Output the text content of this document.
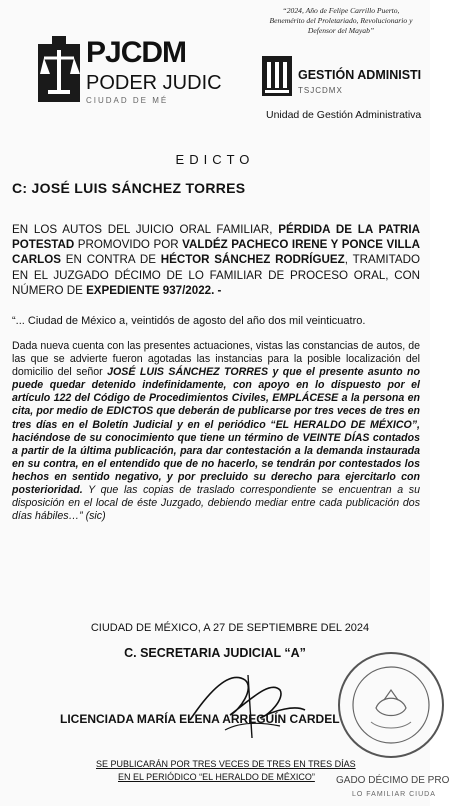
“2024, Año de Felipe Carrillo Puerto, Benemérito del Proletariado, Revolucionario y Defensor del Mayab”
PJCDM
PODER JUDIC
CIUDAD DE MÉ
GESTIÓN ADMINISTI
TSJCDMX
Unidad de Gestión Administrativa
EDICTO
C: JOSÉ LUIS SÁNCHEZ TORRES
EN LOS AUTOS DEL JUICIO ORAL FAMILIAR, PÉRDIDA DE LA PATRIA POTESTAD PROMOVIDO POR VALDÉZ PACHECO IRENE Y PONCE VILLA CARLOS EN CONTRA DE HÉCTOR SÁNCHEZ RODRÍGUEZ, TRAMITADO EN EL JUZGADO DÉCIMO DE LO FAMILIAR DE PROCESO ORAL, CON NÚMERO DE EXPEDIENTE 937/2022. -
“... Ciudad de México a, veintidós de agosto del año dos mil veinticuatro.
Dada nueva cuenta con las presentes actuaciones, vistas las constancias de autos, de las que se advierte fueron agotadas las instancias para la posible localización del domicilio del señor JOSÉ LUIS SÁNCHEZ TORRES y que el presente asunto no puede quedar detenido indefinidamente, con apoyo en lo dispuesto por el artículo 122 del Código de Procedimientos Civiles, EMPLÁCESE a la persona en cita, por medio de EDICTOS que deberán de publicarse por tres veces de tres en tres días en el Boletín Judicial y en el periódico “EL HERALDO DE MÉXICO”, haciéndose de su conocimiento que tiene un término de VEINTE DÍAS contados a partir de la última publicación, para dar contestación a la demanda instaurada en su contra, en el entendido que de no hacerlo, se tendrán por contestados los hechos en sentido negativo, y por precluido su derecho para ejercitarlo con posterioridad. Y que las copias de traslado correspondiente se encuentran a su disposición en el local de éste Juzgado, debiendo mediar entre cada publicación dos días hábiles…” (sic)
CIUDAD DE MÉXICO, A 27 DE SEPTIEMBRE DEL 2024
C. SECRETARIA JUDICIAL “A”
LICENCIADA MARÍA ELENA ARREGUÍN CARDEL
SE PUBLICARÁN POR TRES VECES DE TRES EN TRES DÍAS
EN EL PERIÓDICO “EL HERALDO DE MÉXICO”	GADO DÉCIMO DE PRO
LO FAMILIAR CIUDA
